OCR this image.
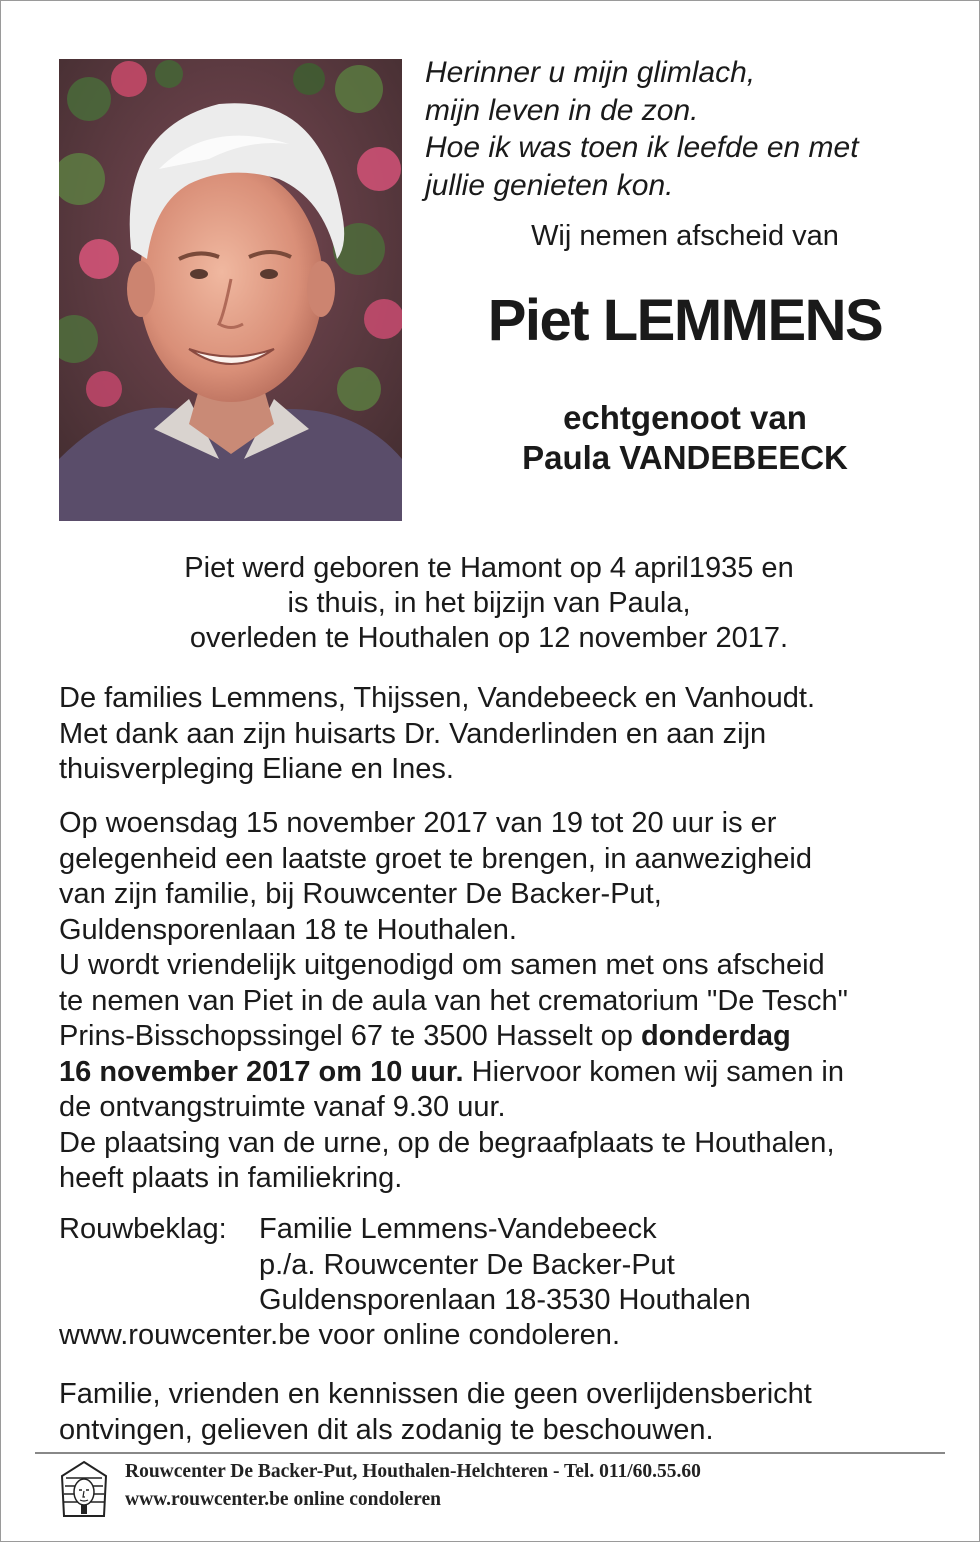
Herinner u mijn glimlach,
mijn leven in de zon.
Hoe ik was toen ik leefde en met
jullie genieten kon.
Wij nemen afscheid van
Piet LEMMENS
echtgenoot van
Paula VANDEBEECK
Piet werd geboren te Hamont op 4 april1935 en
is thuis, in het bijzijn van Paula,
overleden te Houthalen op 12 november 2017.
De families Lemmens, Thijssen, Vandebeeck en Vanhoudt.
Met dank aan zijn huisarts Dr. Vanderlinden en aan zijn
thuisverpleging Eliane en Ines.
Op woensdag 15 november 2017 van 19 tot 20 uur is er
gelegenheid een laatste groet te brengen, in aanwezigheid
van zijn familie, bij Rouwcenter De Backer-Put,
Guldensporenlaan 18 te Houthalen.
U wordt vriendelijk uitgenodigd om samen met ons afscheid
te nemen van Piet in de aula van het crematorium "De Tesch"
Prins-Bisschopssingel 67 te 3500 Hasselt op donderdag
16 november 2017 om 10 uur. Hiervoor komen wij samen in
de ontvangstruimte vanaf 9.30 uur.
De plaatsing van de urne, op de begraafplaats te Houthalen,
heeft plaats in familiekring.
Rouwbeklag: Familie Lemmens-Vandebeeck
p./a. Rouwcenter De Backer-Put
Guldensporenlaan 18-3530 Houthalen
www.rouwcenter.be voor online condoleren.
Familie, vrienden en kennissen die geen overlijdensbericht
ontvingen, gelieven dit als zodanig te beschouwen.
Rouwcenter De Backer-Put, Houthalen-Helchteren - Tel. 011/60.55.60
www.rouwcenter.be online condoleren
